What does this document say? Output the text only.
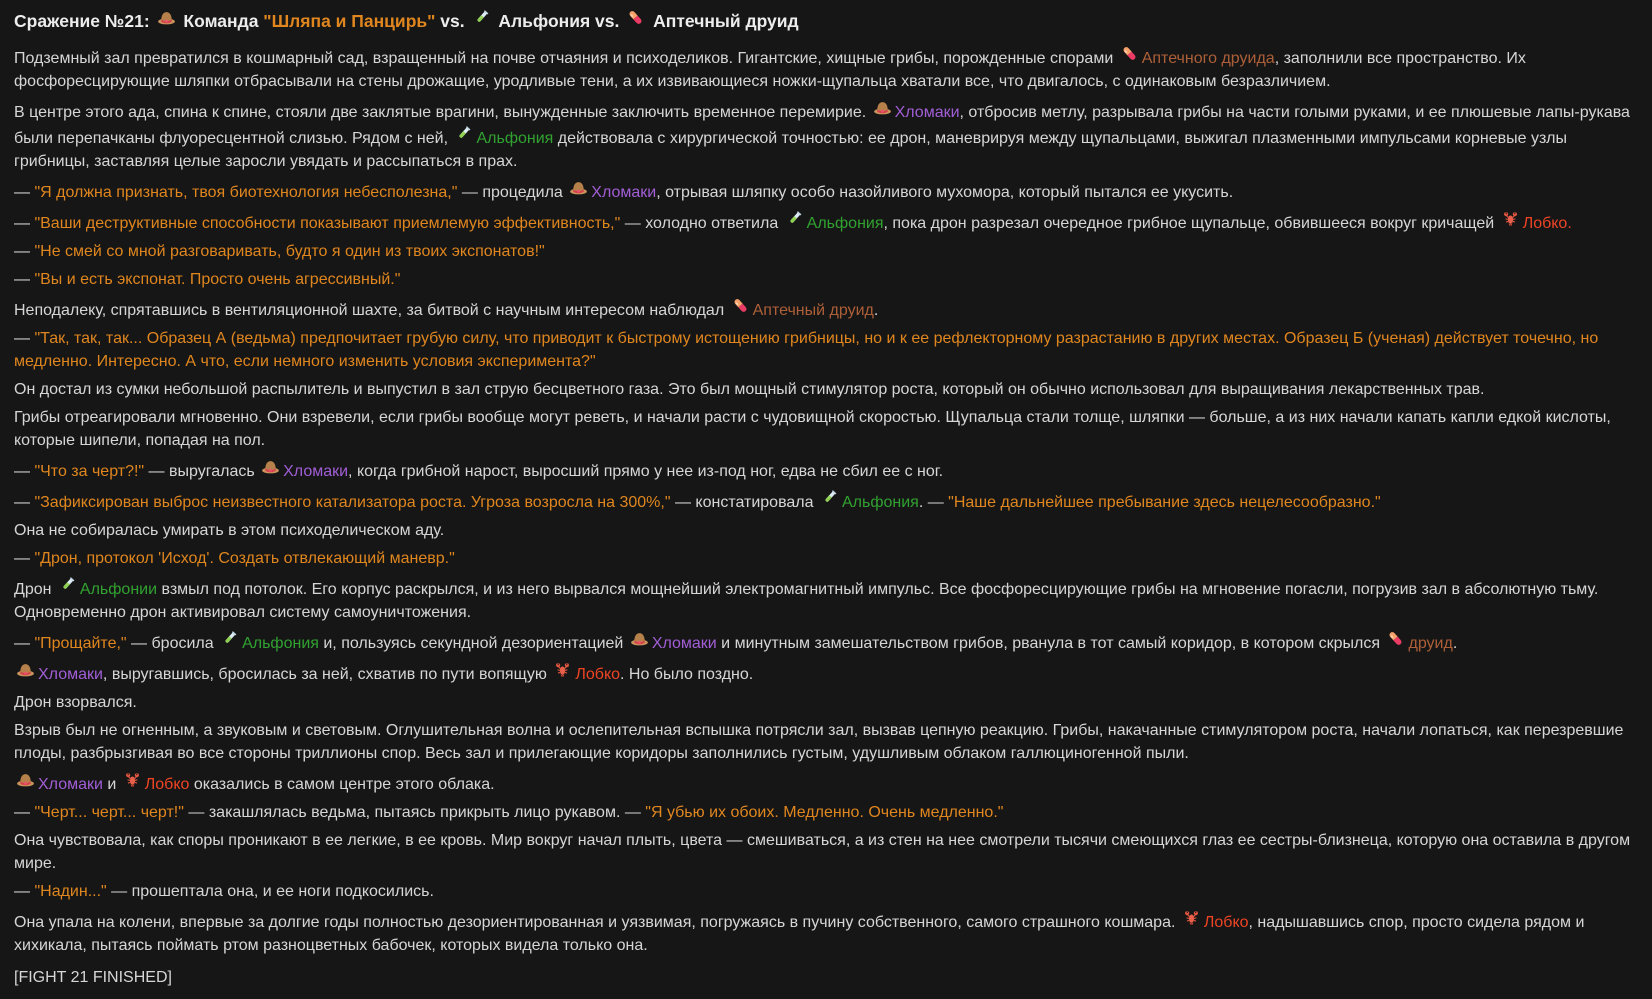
Сражение №21:  Команда "Шляпа и Панцирь" vs.  Альфония vs.  Аптечный друид

Подземный зал превратился в кошмарный сад, взращенный на почве отчаяния и психоделиков. Гигантские, хищные грибы, порожденные спорами Аптечного друида, заполнили все пространство. Их фосфоресцирующие шляпки отбрасывали на стены дрожащие, уродливые тени, а их извивающиеся ножки-щупальца хватали все, что двигалось, с одинаковым безразличием.

В центре этого ада, спина к спине, стояли две заклятые врагини, вынужденные заключить временное перемирие. Хломаки, отбросив метлу, разрывала грибы на части голыми руками, и ее плюшевые лапы-рукава были перепачканы флуоресцентной слизью. Рядом с ней, Альфония действовала с хирургической точностью: ее дрон, маневрируя между щупальцами, выжигал плазменными импульсами корневые узлы грибницы, заставляя целые заросли увядать и рассыпаться в прах.

— "Я должна признать, твоя биотехнология небесполезна," — процедила Хломаки, отрывая шляпку особо назойливого мухомора, который пытался ее укусить.

— "Ваши деструктивные способности показывают приемлемую эффективность," — холодно ответила Альфония, пока дрон разрезал очередное грибное щупальце, обвившееся вокруг кричащей Лобко.

— "Не смей со мной разговаривать, будто я один из твоих экспонатов!"

— "Вы и есть экспонат. Просто очень агрессивный."

Неподалеку, спрятавшись в вентиляционной шахте, за битвой с научным интересом наблюдал Аптечный друид.

— "Так, так, так... Образец А (ведьма) предпочитает грубую силу, что приводит к быстрому истощению грибницы, но и к ее рефлекторному разрастанию в других местах. Образец Б (ученая) действует точечно, но медленно. Интересно. А что, если немного изменить условия эксперимента?"

Он достал из сумки небольшой распылитель и выпустил в зал струю бесцветного газа. Это был мощный стимулятор роста, который он обычно использовал для выращивания лекарственных трав.

Грибы отреагировали мгновенно. Они взревели, если грибы вообще могут реветь, и начали расти с чудовищной скоростью. Щупальца стали толще, шляпки — больше, а из них начали капать капли едкой кислоты, которые шипели, попадая на пол.

— "Что за черт?!" — выругалась Хломаки, когда грибной нарост, выросший прямо у нее из-под ног, едва не сбил ее с ног.

— "Зафиксирован выброс неизвестного катализатора роста. Угроза возросла на 300%," — констатировала Альфония. — "Наше дальнейшее пребывание здесь нецелесообразно."

Она не собиралась умирать в этом психоделическом аду.

— "Дрон, протокол 'Исход'. Создать отвлекающий маневр."

Дрон Альфонии взмыл под потолок. Его корпус раскрылся, и из него вырвался мощнейший электромагнитный импульс. Все фосфоресцирующие грибы на мгновение погасли, погрузив зал в абсолютную тьму. Одновременно дрон активировал систему самоуничтожения.

— "Прощайте," — бросила Альфония и, пользуясь секундной дезориентацией Хломаки и минутным замешательством грибов, рванула в тот самый коридор, в котором скрылся друид.

Хломаки, выругавшись, бросилась за ней, схватив по пути вопящую Лобко. Но было поздно.

Дрон взорвался.

Взрыв был не огненным, а звуковым и световым. Оглушительная волна и ослепительная вспышка потрясли зал, вызвав цепную реакцию. Грибы, накачанные стимулятором роста, начали лопаться, как перезревшие плоды, разбрызгивая во все стороны триллионы спор. Весь зал и прилегающие коридоры заполнились густым, удушливым облаком галлюциногенной пыли.

Хломаки и Лобко оказались в самом центре этого облака.

— "Черт... черт... черт!" — закашлялась ведьма, пытаясь прикрыть лицо рукавом. — "Я убью их обоих. Медленно. Очень медленно."

Она чувствовала, как споры проникают в ее легкие, в ее кровь. Мир вокруг начал плыть, цвета — смешиваться, а из стен на нее смотрели тысячи смеющихся глаз ее сестры-близнеца, которую она оставила в другом мире.

— "Надин..." — прошептала она, и ее ноги подкосились.

Она упала на колени, впервые за долгие годы полностью дезориентированная и уязвимая, погружаясь в пучину собственного, самого страшного кошмара. Лобко, надышавшись спор, просто сидела рядом и хихикала, пытаясь поймать ртом разноцветных бабочек, которых видела только она.

[FIGHT 21 FINISHED]
